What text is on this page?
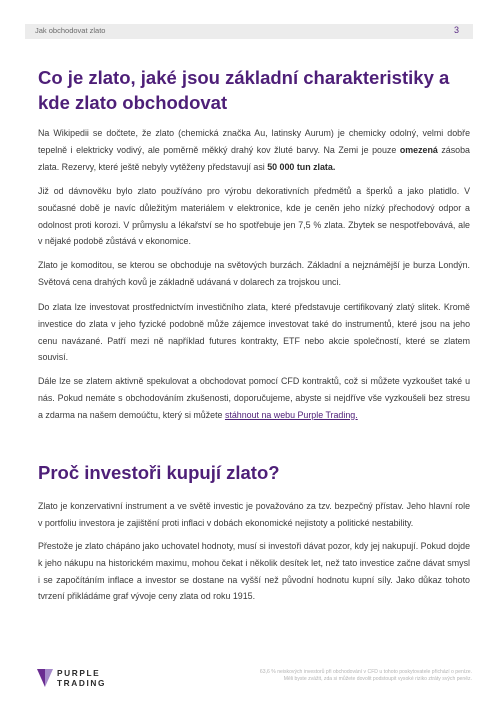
Jak obchodovat zlato	3
Co je zlato, jaké jsou základní charakteristiky a kde zlato obchodovat

Na Wikipedii se dočtete, že zlato (chemická značka Au, latinsky Aurum) je chemicky odolný, velmi dobře tepelně i elektricky vodivý, ale poměrně měkký drahý kov žluté barvy. Na Zemi je pouze omezená zásoba zlata. Rezervy, které ještě nebyly vytěženy představují asi 50 000 tun zlata.

Již od dávnověku bylo zlato používáno pro výrobu dekorativních předmětů a šperků a jako platidlo. V současné době je navíc důležitým materiálem v elektronice, kde je ceněn jeho nízký přechodový odpor a odolnost proti korozi. V průmyslu a lékařství se ho spotřebuje jen 7,5 % zlata. Zbytek se nespotřebovává, ale v nějaké podobě zůstává v ekonomice.

Zlato je komoditou, se kterou se obchoduje na světových burzách. Základní a nejznámější je burza Londýn. Světová cena drahých kovů je základně udávaná v dolarech za trojskou unci.

Do zlata lze investovat prostřednictvím investičního zlata, které představuje certifikovaný zlatý slitek. Kromě investice do zlata v jeho fyzické podobně může zájemce investovat také do instrumentů, které jsou na jeho cenu navázané. Patří mezi ně například futures kontrakty, ETF nebo akcie společností, které se zlatem souvisí.

Dále lze se zlatem aktivně spekulovat a obchodovat pomocí CFD kontraktů, což si můžete vyzkoušet také u nás. Pokud nemáte s obchodováním zkušenosti, doporučujeme, abyste si nejdříve vše vyzkoušeli bez stresu a zdarma na našem demoúčtu, který si můžete stáhnout na webu Purple Trading.

Proč investoři kupují zlato?

Zlato je konzervativní instrument a ve světě investic je považováno za tzv. bezpečný přístav. Jeho hlavní role v portfoliu investora je zajištění proti inflaci v dobách ekonomické nejistoty a politické nestability.

Přestože je zlato chápáno jako uchovatel hodnoty, musí si investoři dávat pozor, kdy jej nakupují. Pokud dojde k jeho nákupu na historickém maximu, mohou čekat i několik desítek let, než tato investice začne dávat smysl i se započítáním inflace a investor se dostane na vyšší než původní hodnotu kupní síly. Jako důkaz tohoto tvrzení přikládáme graf vývoje ceny zlata od roku 1915.

PURPLE
TRADING
63,6 % neiskových investorů při obchodování v CFD u tohoto poskytovatele přichází o peníze.
Měli byste zvážit, zda si můžete dovolit podstoupit vysoké riziko ztráty svých peněz.
